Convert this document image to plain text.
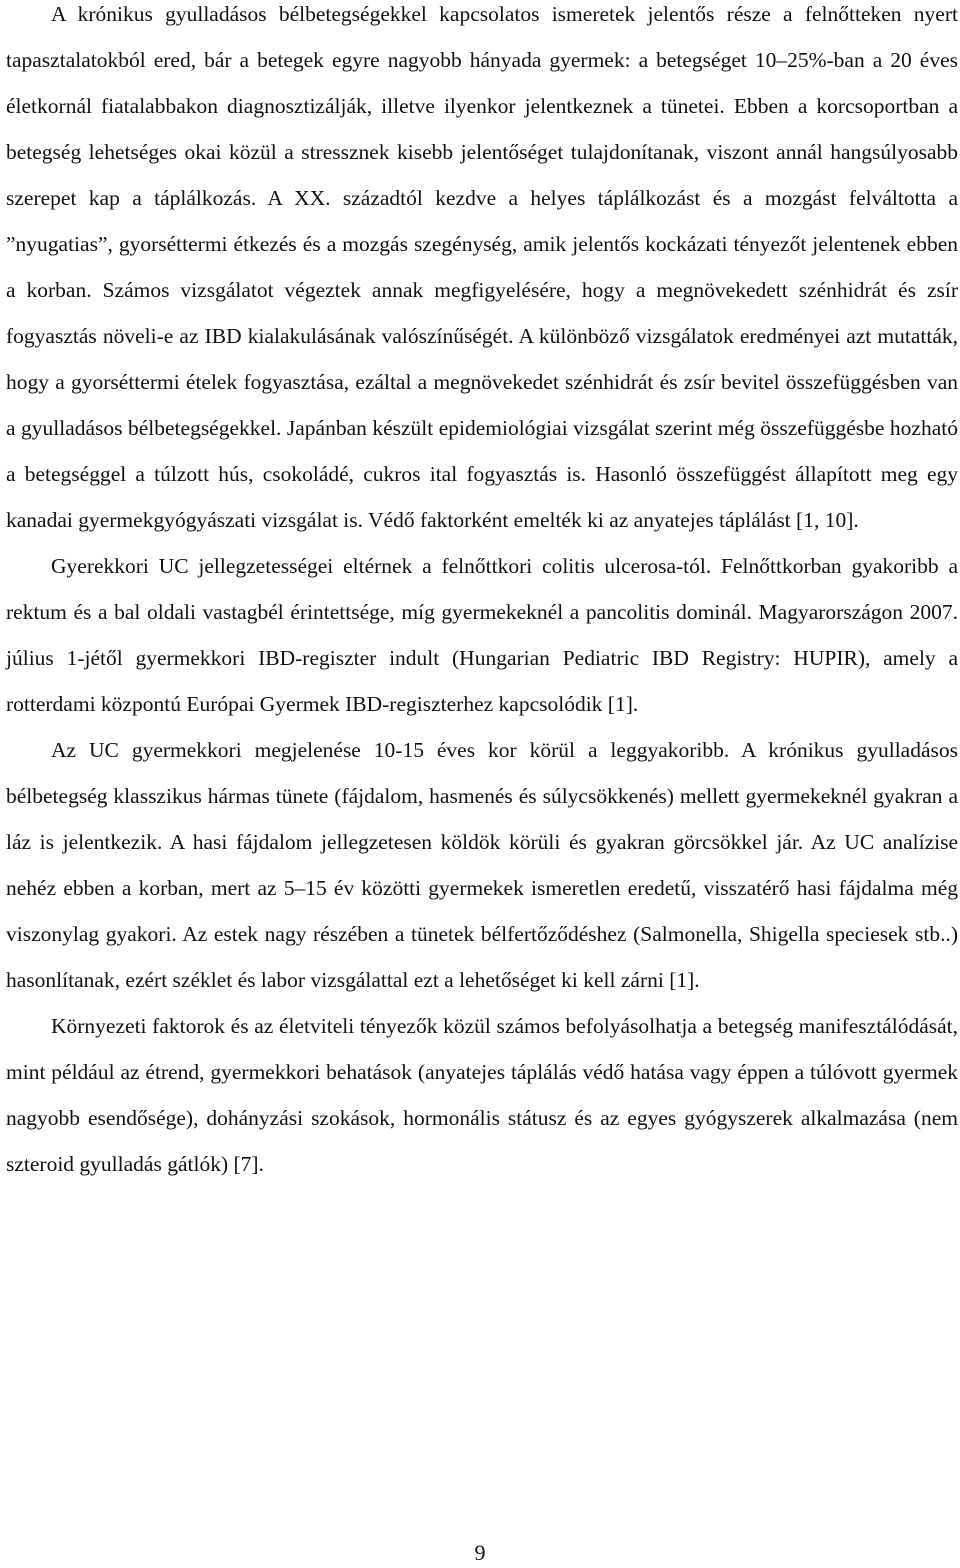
A krónikus gyulladásos bélbetegségekkel kapcsolatos ismeretek jelentős része a felnőtteken nyert tapasztalatokból ered, bár a betegek egyre nagyobb hányada gyermek: a betegséget 10–25%-ban a 20 éves életkornál fiatalabbakon diagnosztizálják, illetve ilyenkor jelentkeznek a tünetei. Ebben a korcsoportban a betegség lehetséges okai közül a stressznek kisebb jelentőséget tulajdonítanak, viszont annál hangsúlyosabb szerepet kap a táplálkozás. A XX. századtól kezdve a helyes táplálkozást és a mozgást felváltotta a ”nyugatias”, gyorséttermi étkezés és a mozgás szegénység, amik jelentős kockázati tényezőt jelentenek ebben a korban. Számos vizsgálatot végeztek annak megfigyelésére, hogy a megnövekedett szénhidrát és zsír fogyasztás növeli-e az IBD kialakulásának valószínűségét. A különböző vizsgálatok eredményei azt mutatták, hogy a gyorséttermi ételek fogyasztása, ezáltal a megnövekedet szénhidrát és zsír bevitel összefüggésben van a gyulladásos bélbetegségekkel. Japánban készült epidemiológiai vizsgálat szerint még összefüggésbe hozható a betegséggel a túlzott hús, csokoládé, cukros ital fogyasztás is. Hasonló összefüggést állapított meg egy kanadai gyermekgyógyászati vizsgálat is. Védő faktorként emelték ki az anyatejes táplálást [1, 10].

Gyerekkori UC jellegzetességei eltérnek a felnőttkori colitis ulcerosa-tól. Felnőttkorban gyakoribb a rektum és a bal oldali vastagbél érintettsége, míg gyermekeknél a pancolitis dominál. Magyarországon 2007. július 1-jétől gyermekkori IBD-regiszter indult (Hungarian Pediatric IBD Registry: HUPIR), amely a rotterdami központú Európai Gyermek IBD-regiszterhez kapcsolódik [1].

Az UC gyermekkori megjelenése 10-15 éves kor körül a leggyakoribb. A krónikus gyulladásos bélbetegség klasszikus hármas tünete (fájdalom, hasmenés és súlycsökkenés) mellett gyermekeknél gyakran a láz is jelentkezik. A hasi fájdalom jellegzetesen köldök körüli és gyakran görcsökkel jár. Az UC analízise nehéz ebben a korban, mert az 5–15 év közötti gyermekek ismeretlen eredetű, visszatérő hasi fájdalma még viszonylag gyakori. Az estek nagy részében a tünetek bélfertőződéshez (Salmonella, Shigella speciesek stb..) hasonlítanak, ezért széklet és labor vizsgálattal ezt a lehetőséget ki kell zárni [1].

Környezeti faktorok és az életviteli tényezők közül számos befolyásolhatja a betegség manifesztálódását, mint például az étrend, gyermekkori behatások (anyatejes táplálás védő hatása vagy éppen a túlóvott gyermek nagyobb esendősége), dohányzási szokások, hormonális státusz és az egyes gyógyszerek alkalmazása (nem szteroid gyulladás gátlók) [7].

9
